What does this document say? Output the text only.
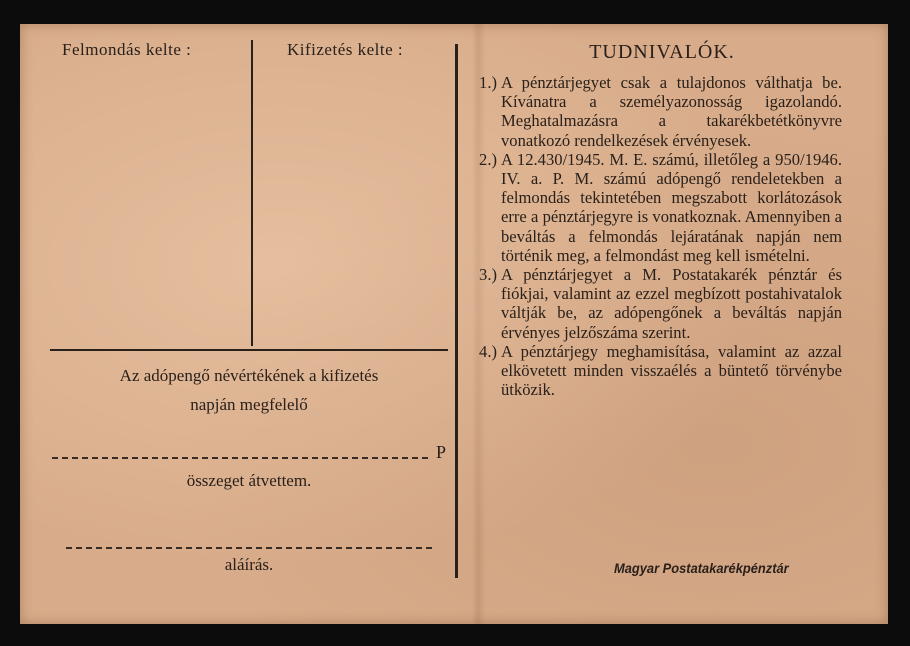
Felmondás kelte :	Kifizetés kelte :
Az adópengő névértékének a kifizetés
napján megfelelő
P
összeget átvettem.
aláírás.
TUDNIVALÓK.
1.) A pénztárjegyet csak a tulajdonos válthatja be. Kívánatra a személyazonosság igazolandó. Meghatalmazásra a takarékbetétkönyvre vonatkozó rendelkezések érvényesek.
2.) A 12.430/1945. M. E. számú, illetőleg a 950/1946. IV. a. P. M. számú adópengő rendeletekben a felmondás tekintetében megszabott korlátozások erre a pénztárjegyre is vonatkoznak. Amennyiben a beváltás a felmondás lejáratának napján nem történik meg, a felmondást meg kell ismételni.
3.) A pénztárjegyet a M. Postatakarék pénztár és fiókjai, valamint az ezzel megbízott postahivatalok váltják be, az adópengőnek a beváltás napján érvényes jelzőszáma szerint.
4.) A pénztárjegy meghamisítása, valamint az azzal elkövetett minden visszaélés a büntető törvénybe ütközik.
Magyar Postatakarékpénztár
